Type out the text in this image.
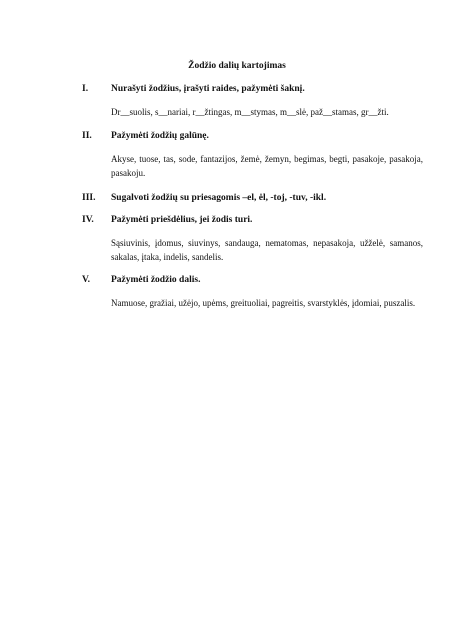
Žodžio dalių kartojimas
I. Nurašyti žodžius, įrašyti raides, pažymėti šaknį.
Dr__suolis, s__nariai, r__žtingas, m__stymas, m__slė, paž__stamas, gr__žti.
II. Pažymėti žodžių galūnę.
Akyse, tuose, tas, sode, fantazijos, žemė, žemyn, begimas, begti, pasakoje, pasakoja, pasakoju.
III. Sugalvoti žodžių su priesagomis –el, ėl, -toj, -tuv, -ikl.
IV. Pažymėti priešdėlius, jei žodis turi.
Sąsiuvinis, įdomus, siuvinys, sandauga, nematomas, nepasakoja, užželė, samanos, sakalas, įtaka, indelis, sandelis.
V. Pažymėti žodžio dalis.
Namuose, gražiai, užėjo, upėms, greituoliai, pagreitis, svarstyklės, įdomiai, puszalis.
